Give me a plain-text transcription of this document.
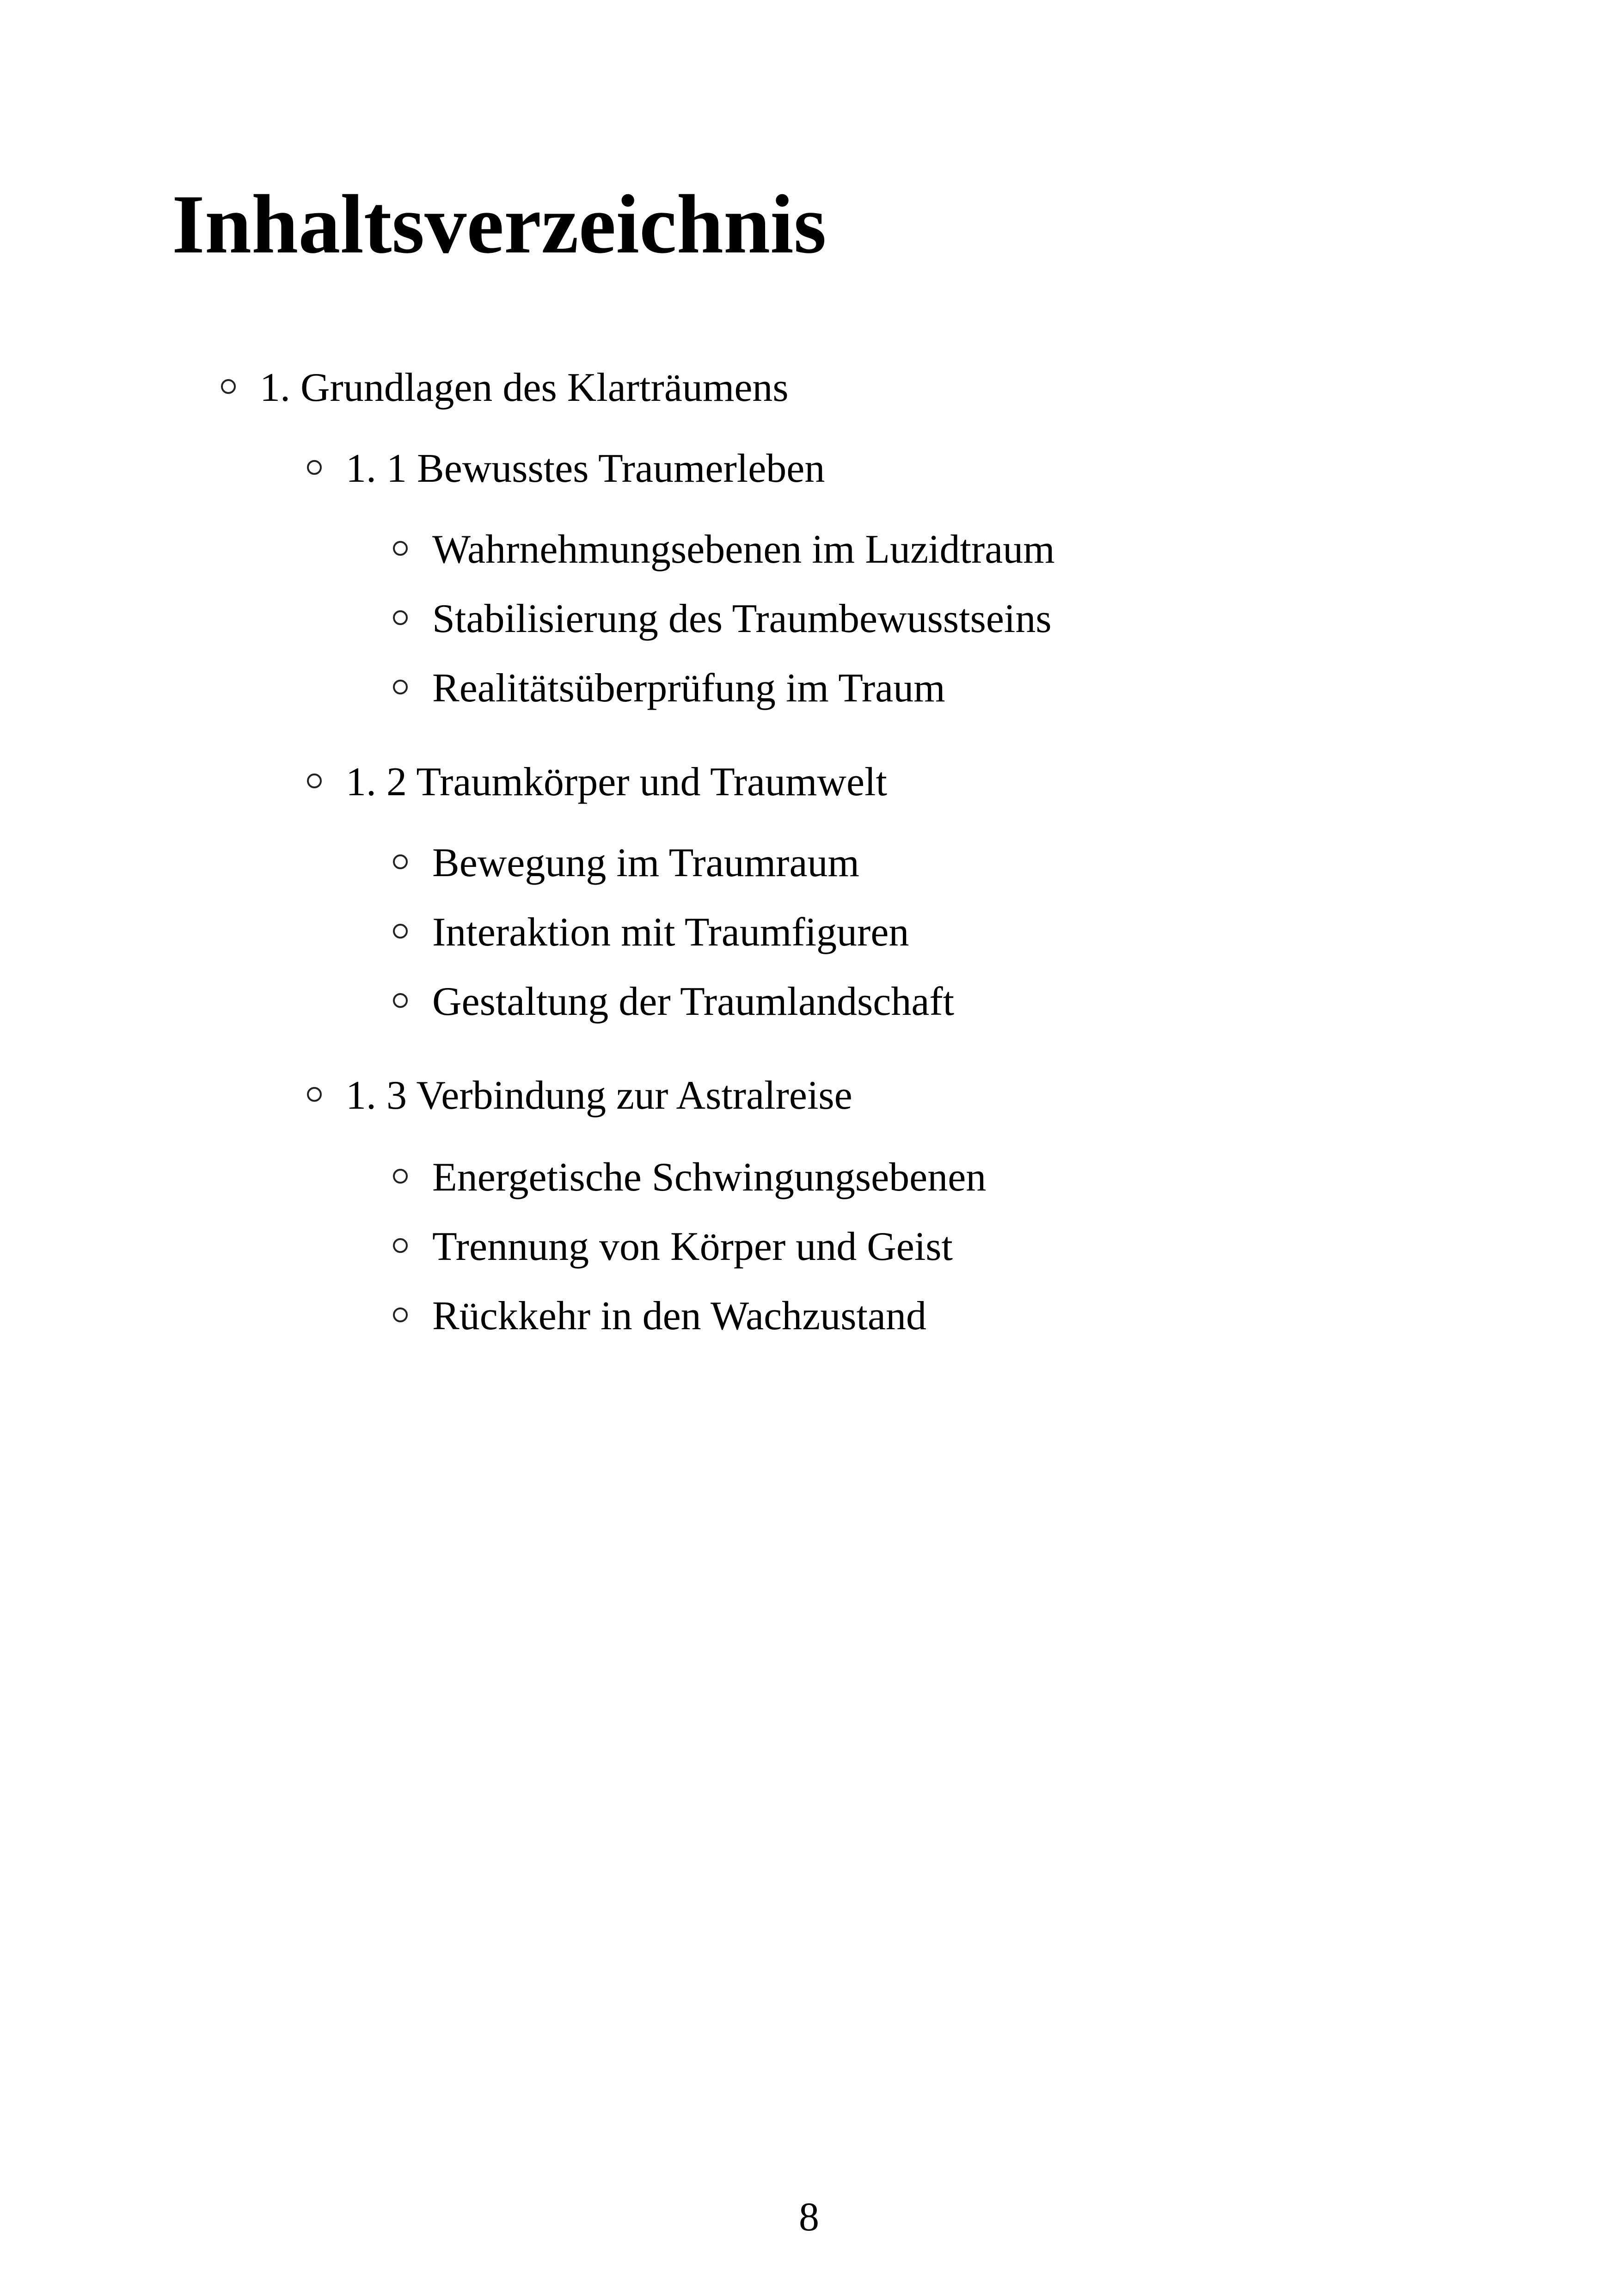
Inhaltsverzeichnis
1. Grundlagen des Klarträumens
1. 1 Bewusstes Traumerleben
Wahrnehmungsebenen im Luzidtraum
Stabilisierung des Traumbewusstseins
Realitätsüberprüfung im Traum
1. 2 Traumkörper und Traumwelt
Bewegung im Traumraum
Interaktion mit Traumfiguren
Gestaltung der Traumlandschaft
1. 3 Verbindung zur Astralreise
Energetische Schwingungsebenen
Trennung von Körper und Geist
Rückkehr in den Wachzustand
8
